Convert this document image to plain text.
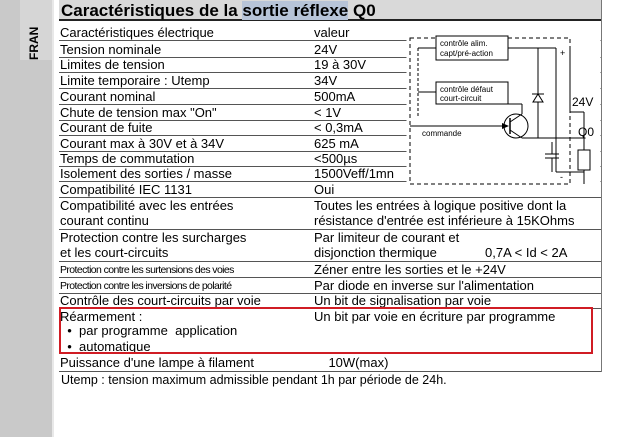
FRAN
Caractéristiques de la sortie réflexe Q0
Caractéristiques électrique	valeur
Tension nominale	24V
Limites de tension	19 à 30V
Limite temporaire : Utemp	34V
Courant nominal	500mA
Chute de tension max "On"	< 1V
Courant de fuite	< 0,3mA
Courant max à 30V et à 34V	625 mA
Temps de commutation	<500µs
Isolement des sorties / masse	1500Veff/1mn
Compatibilité IEC 1131	Oui
Compatibilité avec les entrées	Toutes les entrées à logique positive dont la
courant continu	résistance d'entrée est inférieure à 15KOhms
Protection contre les surcharges	Par limiteur de courant et
et les court-circuits	disjonction thermique	0,7A < Id < 2A
Protection contre les surtensions des voies	Zéner entre les sorties et le +24V
Protection contre les inversions de polarité	Par diode en inverse sur l'alimentation
Contrôle des court-circuits par voie	Un bit de signalisation par voie
Réarmement :	Un bit par voie en écriture par programme
•  par programme  application
•  automatique
Puissance d'une lampe à filament	10W(max)
Utemp : tension maximum admissible pendant 1h par période de 24h.
contrôle alim.
capt/pré-action
contrôle défaut
court-circuit
+
-
commande
24V
Q0
